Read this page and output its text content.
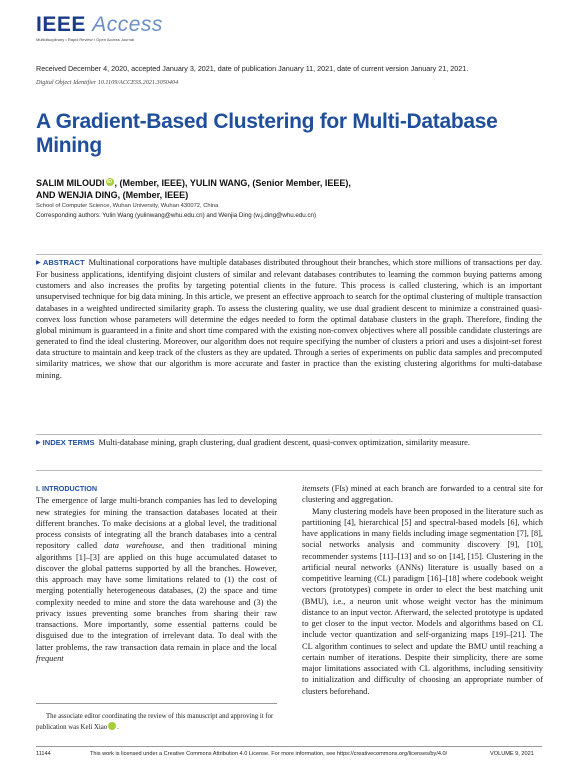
IEEE Access
Multidisciplinary • Rapid Review • Open Access Journal
Received December 4, 2020, accepted January 3, 2021, date of publication January 11, 2021, date of current version January 21, 2021.
Digital Object Identifier 10.1109/ACCESS.2021.3050404
A Gradient-Based Clustering for Multi-Database Mining
SALIM MILOUDI iD , (Member, IEEE), YULIN WANG, (Senior Member, IEEE),
AND WENJIA DING, (Member, IEEE)
School of Computer Science, Wuhan University, Wuhan 430072, China
Corresponding authors: Yulin Wang (yulinwang@whu.edu.cn) and Wenjia Ding (w.j.ding@whu.edu.cn)
▶ ABSTRACT Multinational corporations have multiple databases distributed throughout their branches, which store millions of transactions per day. For business applications, identifying disjoint clusters of similar and relevant databases contributes to learning the common buying patterns among customers and also increases the profits by targeting potential clients in the future. This process is called clustering, which is an important unsupervised technique for big data mining. In this article, we present an effective approach to search for the optimal clustering of multiple transaction databases in a weighted undirected similarity graph. To assess the clustering quality, we use dual gradient descent to minimize a constrained quasi-convex loss function whose parameters will determine the edges needed to form the optimal database clusters in the graph. Therefore, finding the global minimum is guaranteed in a finite and short time compared with the existing non-convex objectives where all possible candidate clusterings are generated to find the ideal clustering. Moreover, our algorithm does not require specifying the number of clusters a priori and uses a disjoint-set forest data structure to maintain and keep track of the clusters as they are updated. Through a series of experiments on public data samples and precomputed similarity matrices, we show that our algorithm is more accurate and faster in practice than the existing clustering algorithms for multi-database mining.
▶ INDEX TERMS Multi-database mining, graph clustering, dual gradient descent, quasi-convex optimization, similarity measure.
I. INTRODUCTION
The emergence of large multi-branch companies has led to developing new strategies for mining the transaction databases located at their different branches. To make decisions at a global level, the traditional process consists of integrating all the branch databases into a central repository called data warehouse, and then traditional mining algorithms [1]–[3] are applied on this huge accumulated dataset to discover the global patterns supported by all the branches. However, this approach may have some limitations related to (1) the cost of merging potentially heterogeneous databases, (2) the space and time complexity needed to mine and store the data warehouse and (3) the privacy issues preventing some branches from sharing their raw transactions. More importantly, some essential patterns could be disguised due to the integration of irrelevant data. To deal with the latter problems, the raw transaction data remain in place and the local frequent
itemsets (FIs) mined at each branch are forwarded to a central site for clustering and aggregation.
Many clustering models have been proposed in the literature such as partitioning [4], hierarchical [5] and spectral-based models [6], which have applications in many fields including image segmentation [7], [8], social networks analysis and community discovery [9], [10], recommender systems [11]–[13] and so on [14], [15]. Clustering in the artificial neural networks (ANNs) literature is usually based on a competitive learning (CL) paradigm [16]–[18] where codebook weight vectors (prototypes) compete in order to elect the best matching unit (BMU), i.e., a neuron unit whose weight vector has the minimum distance to an input vector. Afterward, the selected prototype is updated to get closer to the input vector. Models and algorithms based on CL include vector quantization and self-organizing maps [19]–[21]. The CL algorithm continues to select and update the BMU until reaching a certain number of iterations. Despite their simplicity, there are some major limitations associated with CL algorithms, including sensitivity to initialization and difficulty of choosing an appropriate number of clusters beforehand.
The associate editor coordinating the review of this manuscript and approving it for publication was Keli Xiao iD.
11144	This work is licensed under a Creative Commons Attribution 4.0 License. For more information, see https://creativecommons.org/licenses/by/4.0/	VOLUME 9, 2021
